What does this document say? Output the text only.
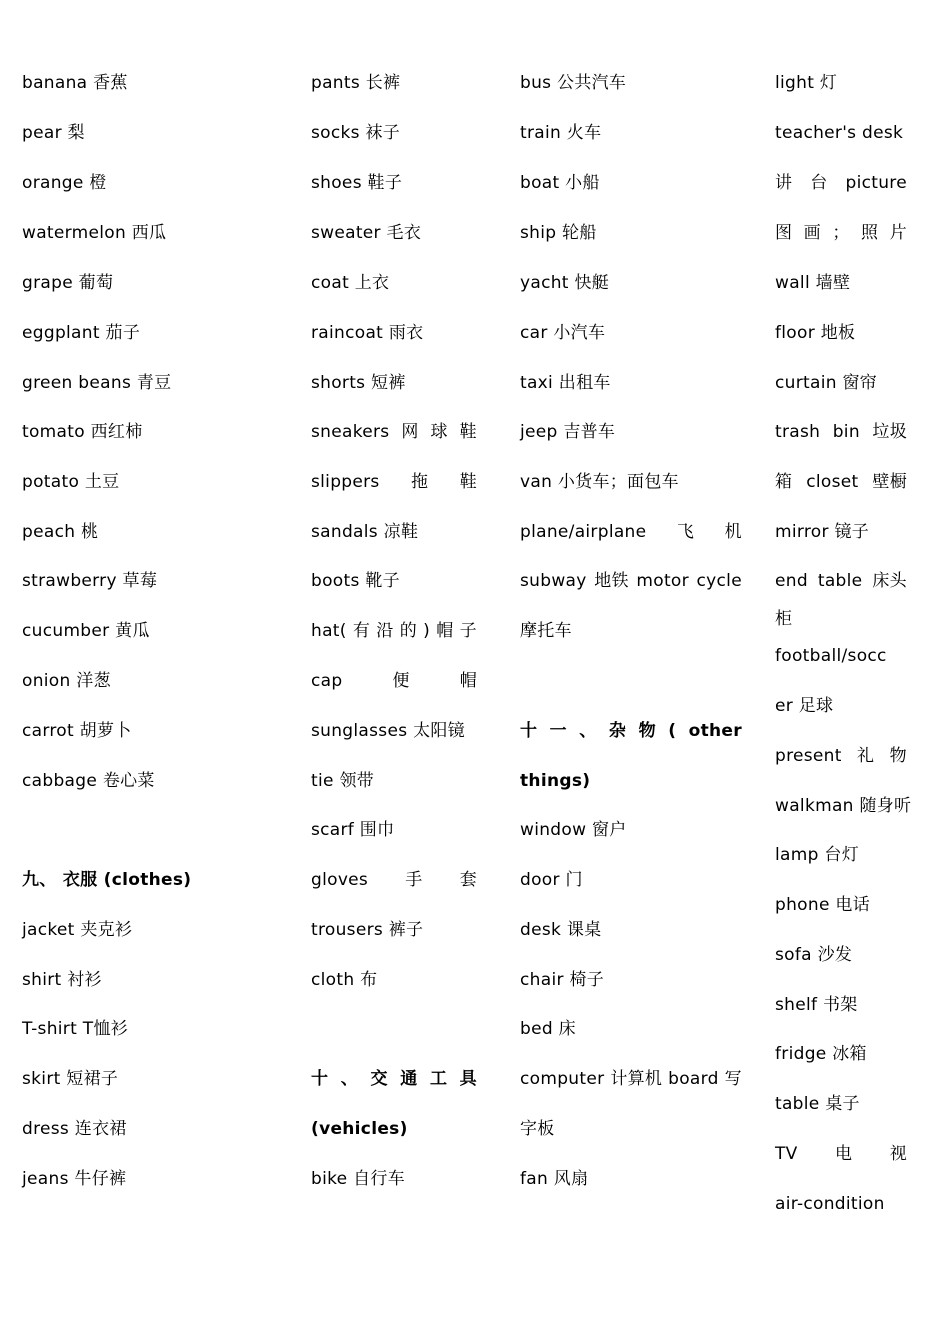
banana 香蕉
pear 梨
orange 橙
watermelon 西瓜
grape 葡萄
eggplant 茄子
green beans 青豆
tomato 西红柿
potato 土豆
peach 桃
strawberry 草莓
cucumber 黄瓜
onion 洋葱
carrot 胡萝卜
cabbage 卷心菜
九、 衣服 (clothes)
jacket 夹克衫
shirt 衬衫
T-shirt T恤衫
skirt 短裙子
dress 连衣裙
jeans 牛仔裤
pants 长裤
socks 袜子
shoes 鞋子
sweater 毛衣
coat 上衣
raincoat 雨衣
shorts 短裤
sneakers 网 球 鞋
slippers 拖 鞋
sandals 凉鞋
boots 靴子
hat( 有 沿 的 ) 帽 子
cap	便	帽
sunglasses 太阳镜
tie 领带
scarf 围巾
gloves 手 套
trousers 裤子
cloth 布
十 、 交 通 工 具
(vehicles)
bike 自行车
bus 公共汽车
train 火车
boat 小船
ship 轮船
yacht 快艇
car 小汽车
taxi 出租车
jeep 吉普车
van 小货车；面包车
plane/airplane 飞 机
subway 地铁 motor cycle
摩托车
十 一 、 杂 物 ( other
things)
window 窗户
door 门
desk 课桌
chair 椅子
bed 床
computer 计算机 board 写
字板
fan 风扇
light 灯
teacher's desk
讲 台 picture
图 画 ； 照 片
wall 墙壁
floor 地板
curtain 窗帘
trash bin 垃圾
箱 closet 壁橱
mirror 镜子
end table 床头
柜
football/socc
er 足球
present 礼 物
walkman 随身听
lamp 台灯
phone 电话
sofa 沙发
shelf 书架
fridge 冰箱
table 桌子
TV 电 视
air-condition
